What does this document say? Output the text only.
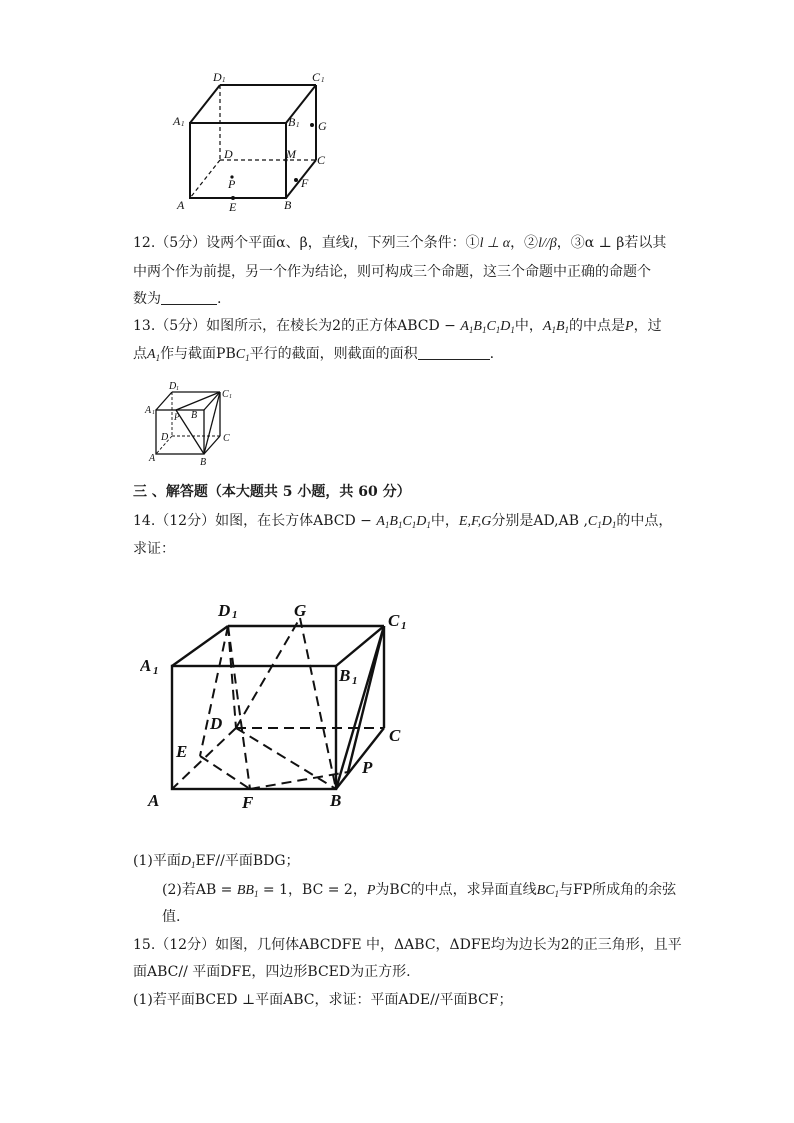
D 1	C 1
A 1	B 1 G
D	M C
P	F
A	E	B
12.（5分）设两个平面α、β，直线l，下列三个条件：①l ⊥ α，②l//β，③α ⊥ β若以其
中两个作为前提，另一个作为结论，则可构成三个命题，这三个命题中正确的命题个
数为	.
13.（5分）如图所示，在棱长为2的正方体ABCD − $A_1B_1C_1D_1$中，$A_1B_1$的中点是P，过
点$A_1$作与截面$PBC_1$平行的截面，则截面的面积	.
D 1	C 1
A 1 P B
D	C
A	B
三 、解答题（本大题共 5 小题，共 60 分）
14.（12分）如图，在长方体ABCD − $A_1B_1C_1D_1$中，E,F,G分别是AD,AB $,C_1D_1$的中点，
求证：
D 1	G
C 1
A 1	B 1
D
C
E
P
A	F	B
(1)平面$D_1EF//$平面BDG；
(2)若AB = $BB_1 = 1$，BC = 2，P为BC的中点，求异面直线$BC_1$与FP所成角的余弦
值.
15.（12分）如图，几何体ABCDFE 中，ΔABC，ΔDFE均为边长为2的正三角形，且平
面ABC// 平面DFE，四边形BCED为正方形.
(1)若平面BCED ⊥平面ABC，求证：平面ADE//平面BCF；
